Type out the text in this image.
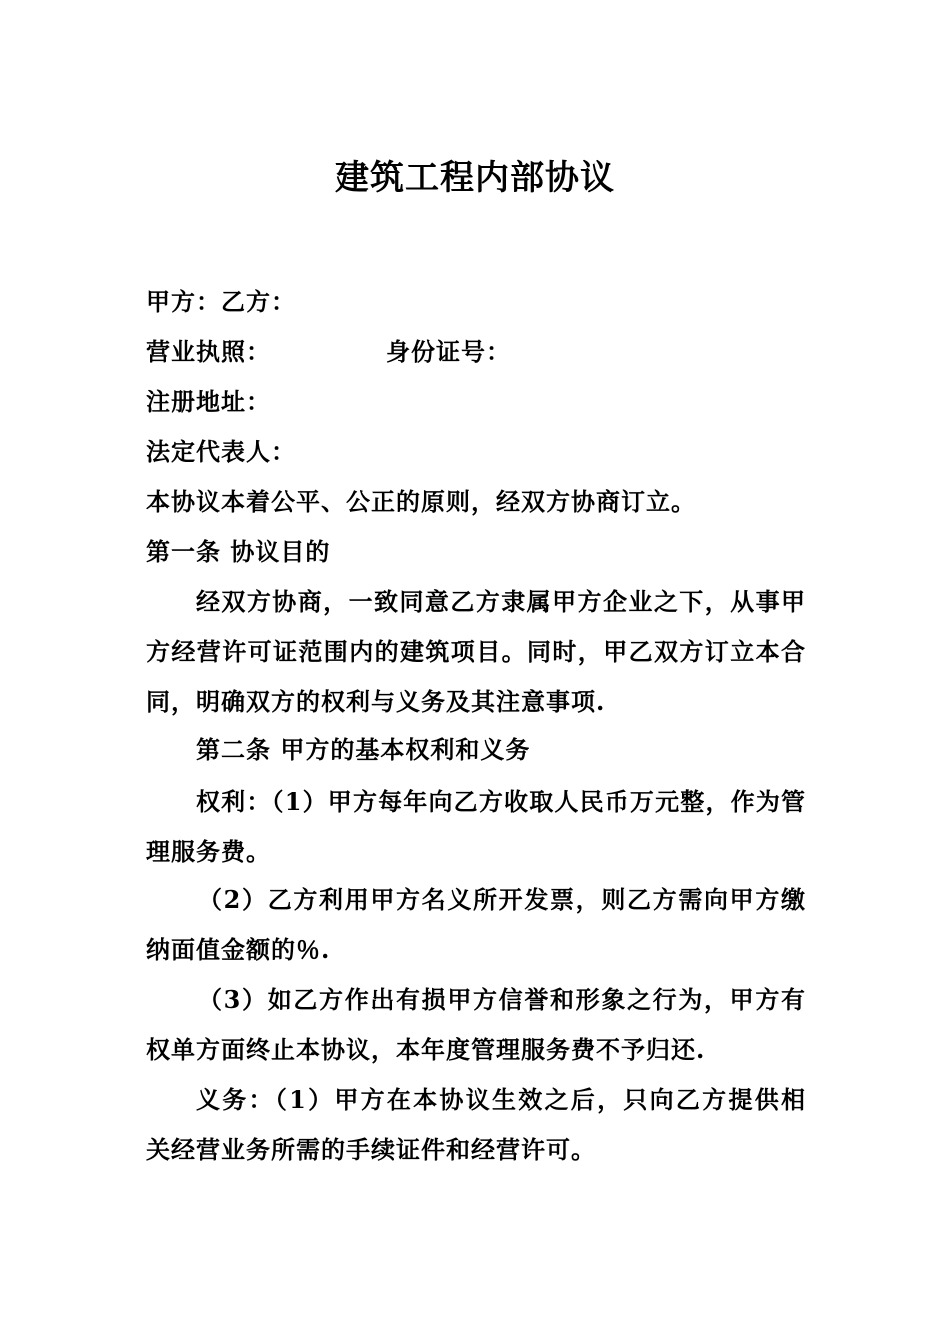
建筑工程内部协议
甲方：乙方：
营业执照：	身份证号：
注册地址：
法定代表人：
本协议本着公平、公正的原则，经双方协商订立。
第一条 协议目的
经双方协商，一致同意乙方隶属甲方企业之下，从事甲
方经营许可证范围内的建筑项目。同时，甲乙双方订立本合
同，明确双方的权利与义务及其注意事项.
第二条 甲方的基本权利和义务
权利：（1）甲方每年向乙方收取人民币万元整，作为管
理服务费。
（2）乙方利用甲方名义所开发票，则乙方需向甲方缴
纳面值金额的％.
（3）如乙方作出有损甲方信誉和形象之行为，甲方有
权单方面终止本协议，本年度管理服务费不予归还.
义务：（1）甲方在本协议生效之后，只向乙方提供相
关经营业务所需的手续证件和经营许可。
